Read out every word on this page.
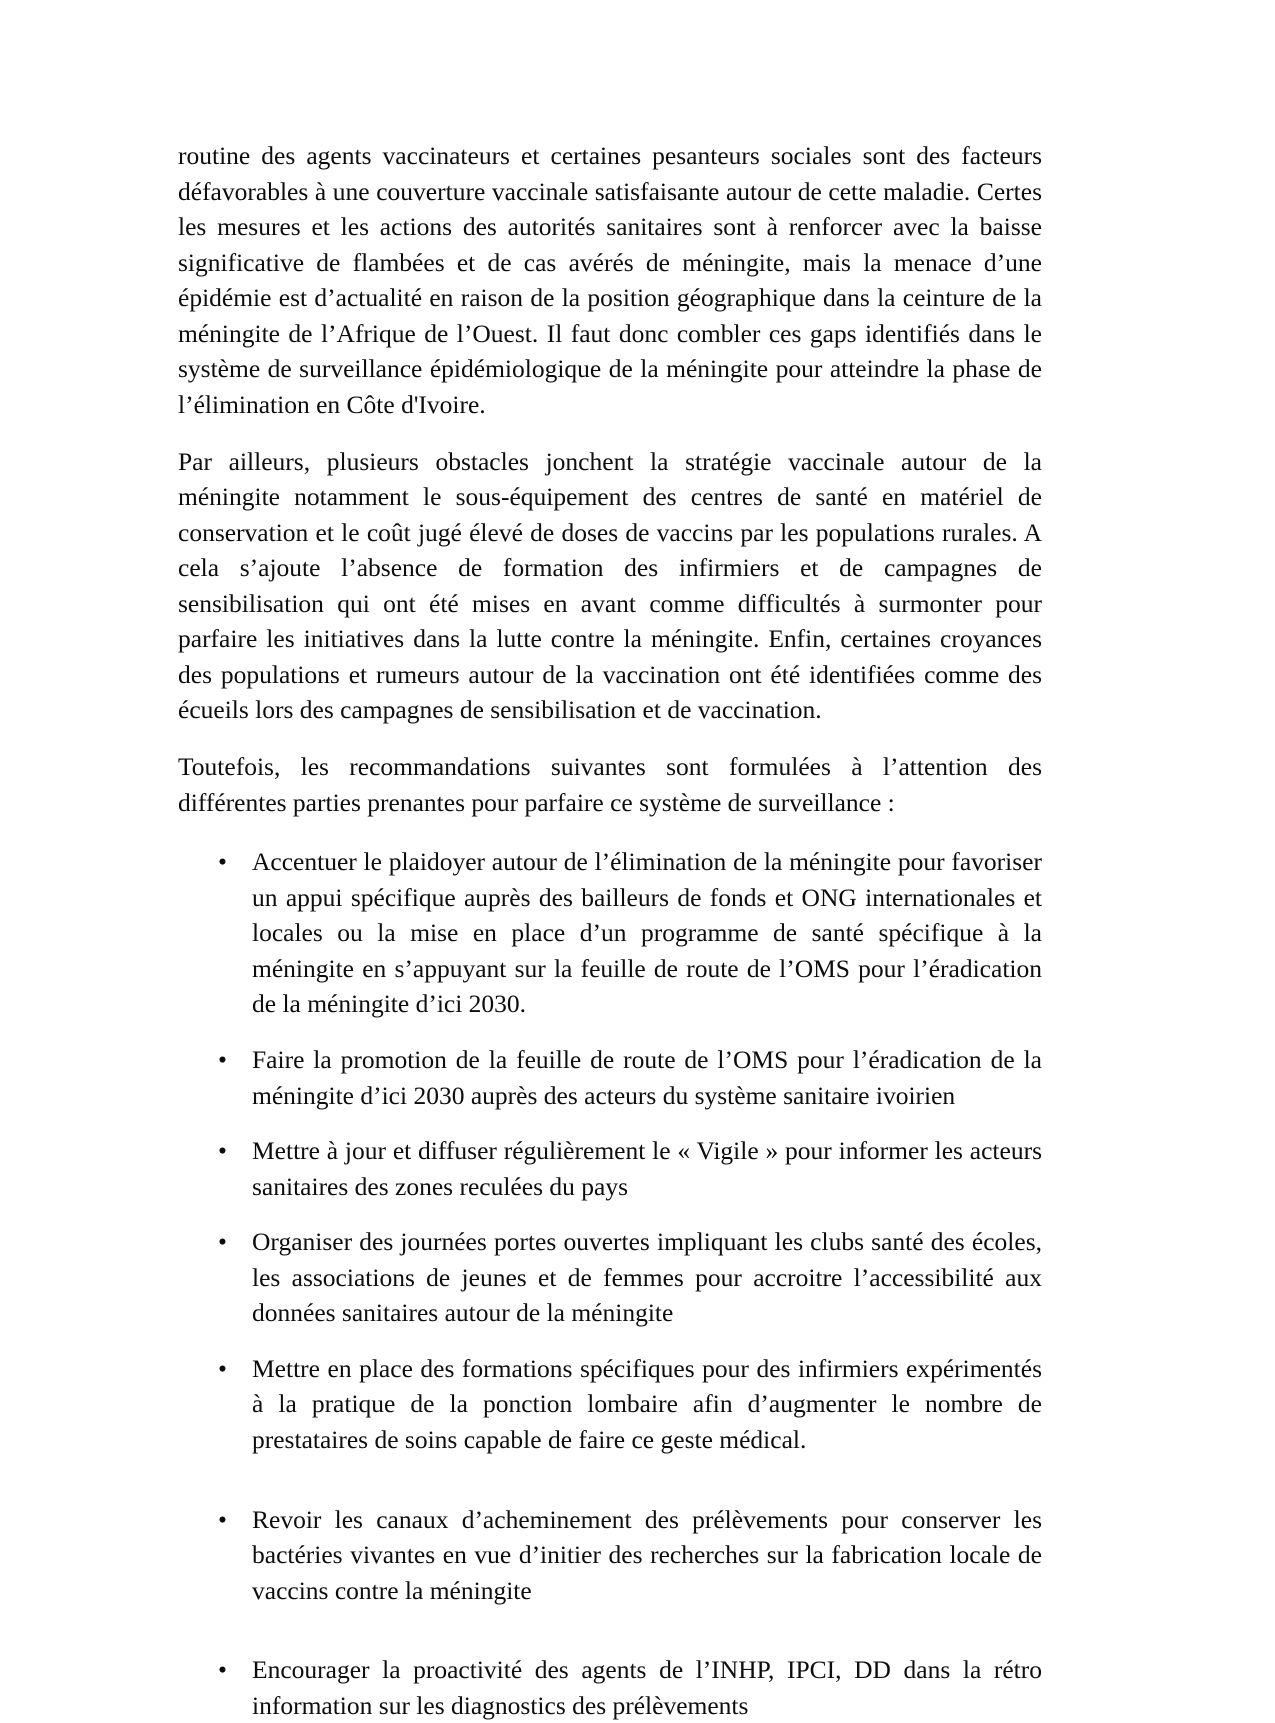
routine des agents vaccinateurs et certaines pesanteurs sociales sont des facteurs défavorables à une couverture vaccinale satisfaisante autour de cette maladie. Certes les mesures et les actions des autorités sanitaires sont à renforcer avec la baisse significative de flambées et de cas avérés de méningite, mais la menace d’une épidémie est d’actualité en raison de la position géographique dans la ceinture de la méningite de l’Afrique de l’Ouest. Il faut donc combler ces gaps identifiés dans le système de surveillance épidémiologique de la méningite pour atteindre la phase de l’élimination en Côte d'Ivoire.

Par ailleurs, plusieurs obstacles jonchent la stratégie vaccinale autour de la méningite notamment le sous-équipement des centres de santé en matériel de conservation et le coût jugé élevé de doses de vaccins par les populations rurales. A cela s’ajoute l’absence de formation des infirmiers et de campagnes de sensibilisation qui ont été mises en avant comme difficultés à surmonter pour parfaire les initiatives dans la lutte contre la méningite. Enfin, certaines croyances des populations et rumeurs autour de la vaccination ont été identifiées comme des écueils lors des campagnes de sensibilisation et de vaccination.

Toutefois, les recommandations suivantes sont formulées à l’attention des différentes parties prenantes pour parfaire ce système de surveillance :

• Accentuer le plaidoyer autour de l’élimination de la méningite pour favoriser un appui spécifique auprès des bailleurs de fonds et ONG internationales et locales ou la mise en place d’un programme de santé spécifique à la méningite en s’appuyant sur la feuille de route de l’OMS pour l’éradication de la méningite d’ici 2030.
• Faire la promotion de la feuille de route de l’OMS pour l’éradication de la méningite d’ici 2030 auprès des acteurs du système sanitaire ivoirien
• Mettre à jour et diffuser régulièrement le « Vigile » pour informer les acteurs sanitaires des zones reculées du pays
• Organiser des journées portes ouvertes impliquant les clubs santé des écoles, les associations de jeunes et de femmes pour accroitre l’accessibilité aux données sanitaires autour de la méningite
• Mettre en place des formations spécifiques pour des infirmiers expérimentés à la pratique de la ponction lombaire afin d’augmenter le nombre de prestataires de soins capable de faire ce geste médical.
• Revoir les canaux d’acheminement des prélèvements pour conserver les bactéries vivantes en vue d’initier des recherches sur la fabrication locale de vaccins contre la méningite
• Encourager la proactivité des agents de l’INHP, IPCI, DD dans la rétro information sur les diagnostics des prélèvements
